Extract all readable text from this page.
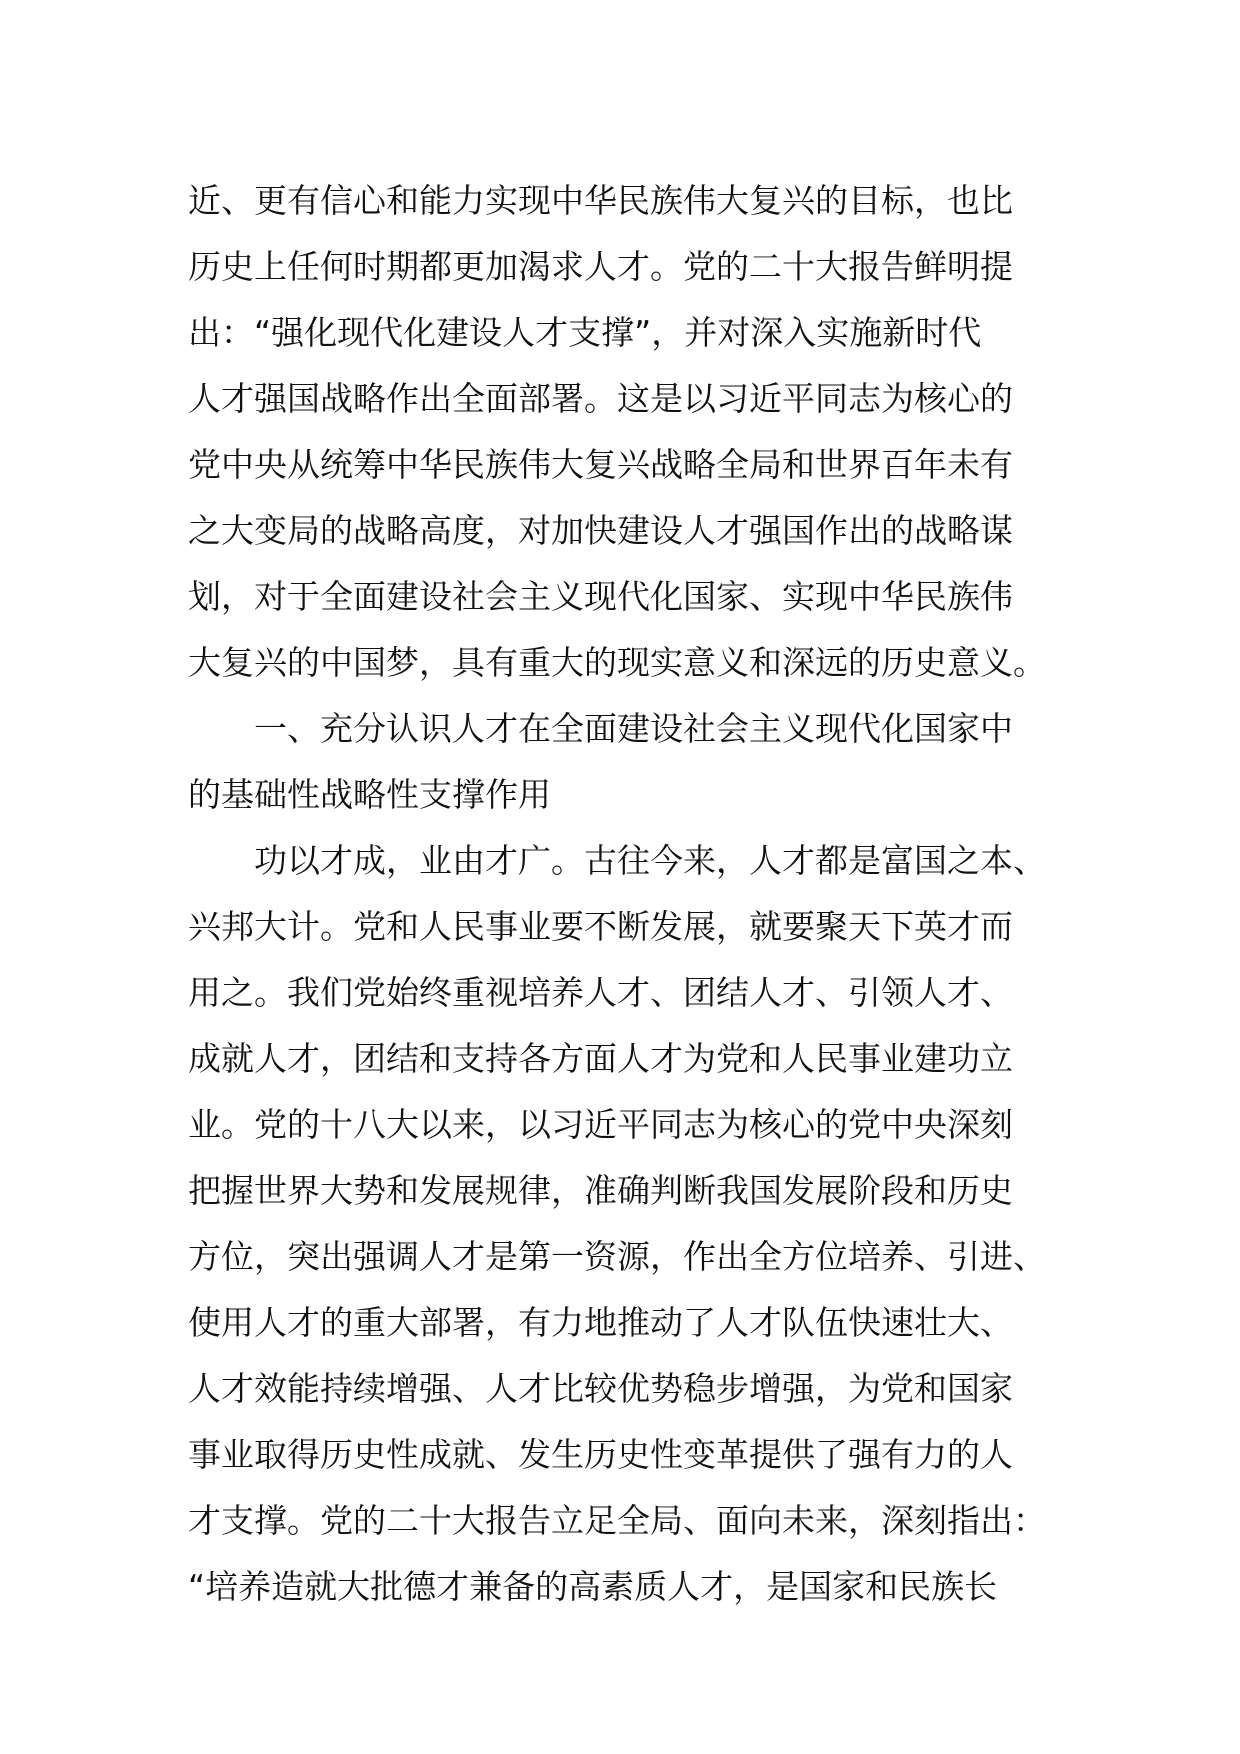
近、更有信心和能力实现中华民族伟大复兴的目标，也比
历史上任何时期都更加渴求人才。党的二十大报告鲜明提
出：“强化现代化建设人才支撑”，并对深入实施新时代
人才强国战略作出全面部署。这是以习近平同志为核心的
党中央从统筹中华民族伟大复兴战略全局和世界百年未有
之大变局的战略高度，对加快建设人才强国作出的战略谋
划，对于全面建设社会主义现代化国家、实现中华民族伟
大复兴的中国梦，具有重大的现实意义和深远的历史意义。
一、充分认识人才在全面建设社会主义现代化国家中
的基础性战略性支撑作用
功以才成，业由才广。古往今来，人才都是富国之本、
兴邦大计。党和人民事业要不断发展，就要聚天下英才而
用之。我们党始终重视培养人才、团结人才、引领人才、
成就人才，团结和支持各方面人才为党和人民事业建功立
业。党的十八大以来，以习近平同志为核心的党中央深刻
把握世界大势和发展规律，准确判断我国发展阶段和历史
方位，突出强调人才是第一资源，作出全方位培养、引进、
使用人才的重大部署，有力地推动了人才队伍快速壮大、
人才效能持续增强、人才比较优势稳步增强，为党和国家
事业取得历史性成就、发生历史性变革提供了强有力的人
才支撑。党的二十大报告立足全局、面向未来，深刻指出：
“培养造就大批德才兼备的高素质人才，是国家和民族长
